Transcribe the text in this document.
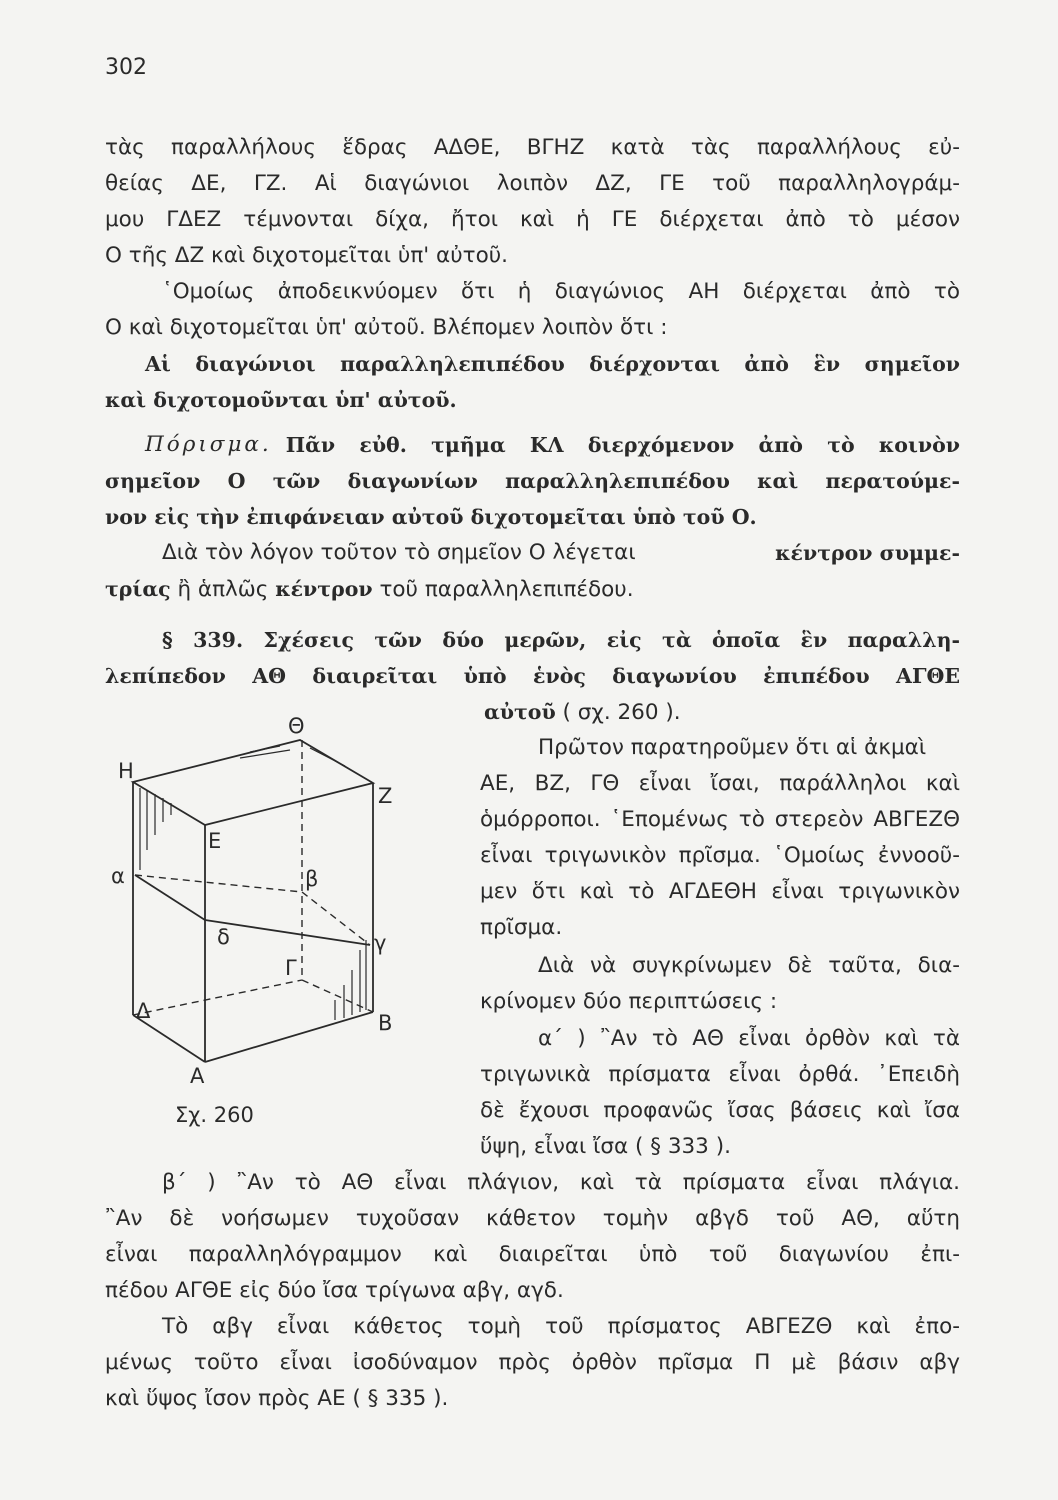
302
τὰς παραλλήλους ἕδρας ΑΔΘΕ, ΒΓΗΖ κατὰ τὰς παραλλήλους εὐ-
θείας ΔΕ, ΓΖ. Αἱ διαγώνιοι λοιπὸν ΔΖ, ΓΕ τοῦ παραλληλογράμ-
μου ΓΔΕΖ τέμνονται δίχα, ἤτοι καὶ ἡ ΓΕ διέρχεται ἀπὸ τὸ μέσον
Ο τῆς ΔΖ καὶ διχοτομεῖται ὑπ' αὐτοῦ.
῾Ομοίως ἀποδεικνύομεν ὅτι ἡ διαγώνιος ΑΗ διέρχεται ἀπὸ τὸ
Ο καὶ διχοτομεῖται ὑπ' αὐτοῦ. Βλέπομεν λοιπὸν ὅτι :
Αἱ διαγώνιοι παραλληλεπιπέδου διέρχονται ἀπὸ ἓν σημεῖον
καὶ διχοτομοῦνται ὑπ' αὐτοῦ.
Πόρισμα. Πᾶν εὐθ. τμῆμα ΚΛ διερχόμενον ἀπὸ τὸ κοινὸν
σημεῖον Ο τῶν διαγωνίων παραλληλεπιπέδου καὶ περατούμε-
νον εἰς τὴν ἐπιφάνειαν αὐτοῦ διχοτομεῖται ὑπὸ τοῦ Ο.
Διὰ τὸν λόγον τοῦτον τὸ σημεῖον Ο λέγεται	κέντρον συμμε-
τρίας ἢ ἁπλῶς κέντρον τοῦ παραλληλεπιπέδου.
§ 339. Σχέσεις τῶν δύο μερῶν, εἰς τὰ ὁποῖα ἓν παραλλη-
λεπίπεδον ΑΘ διαιρεῖται ὑπὸ ἑνὸς διαγωνίου ἐπιπέδου ΑΓΘΕ
αὐτοῦ ( σχ. 260 ).
Πρῶτον παρατηροῦμεν ὅτι αἱ ἀκμαὶ
ΑΕ, ΒΖ, ΓΘ εἶναι ἴσαι, παράλληλοι καὶ
ὁμόρροποι. ῾Επομένως τὸ στερεὸν ΑΒΓΕΖΘ
εἶναι τριγωνικὸν πρῖσμα. ῾Ομοίως ἐννοοῦ-
μεν ὅτι καὶ τὸ ΑΓΔΕΘΗ εἶναι τριγωνικὸν
πρῖσμα.
Διὰ νὰ συγκρίνωμεν δὲ ταῦτα, δια-
κρίνομεν δύο περιπτώσεις :
α΄ ) ῍Αν τὸ ΑΘ εἶναι ὀρθὸν καὶ τὰ
τριγωνικὰ πρίσματα εἶναι ὀρθά. ᾿Επειδὴ
δὲ ἔχουσι προφανῶς ἴσας βάσεις καὶ ἴσα
ὕψη, εἶναι ἴσα ( § 333 ).
β΄ ) ῍Αν τὸ ΑΘ εἶναι πλάγιον, καὶ τὰ πρίσματα εἶναι πλάγια.
῍Αν δὲ νοήσωμεν τυχοῦσαν κάθετον τομὴν αβγδ τοῦ ΑΘ, αὕτη
εἶναι παραλληλόγραμμον καὶ διαιρεῖται ὑπὸ τοῦ διαγωνίου ἐπι-
πέδου ΑΓΘΕ εἰς δύο ἴσα τρίγωνα αβγ, αγδ.
Τὸ αβγ εἶναι κάθετος τομὴ τοῦ πρίσματος ΑΒΓΕΖΘ καὶ ἐπο-
μένως τοῦτο εἶναι ἰσοδύναμον πρὸς ὀρθὸν πρῖσμα Π μὲ βάσιν αβγ
καὶ ὕψος ἴσον πρὸς ΑΕ ( § 335 ).
Η
Θ
Ζ
Ε
α	β
γ
δ
Γ
Δ	Β
Α
Σχ. 260
